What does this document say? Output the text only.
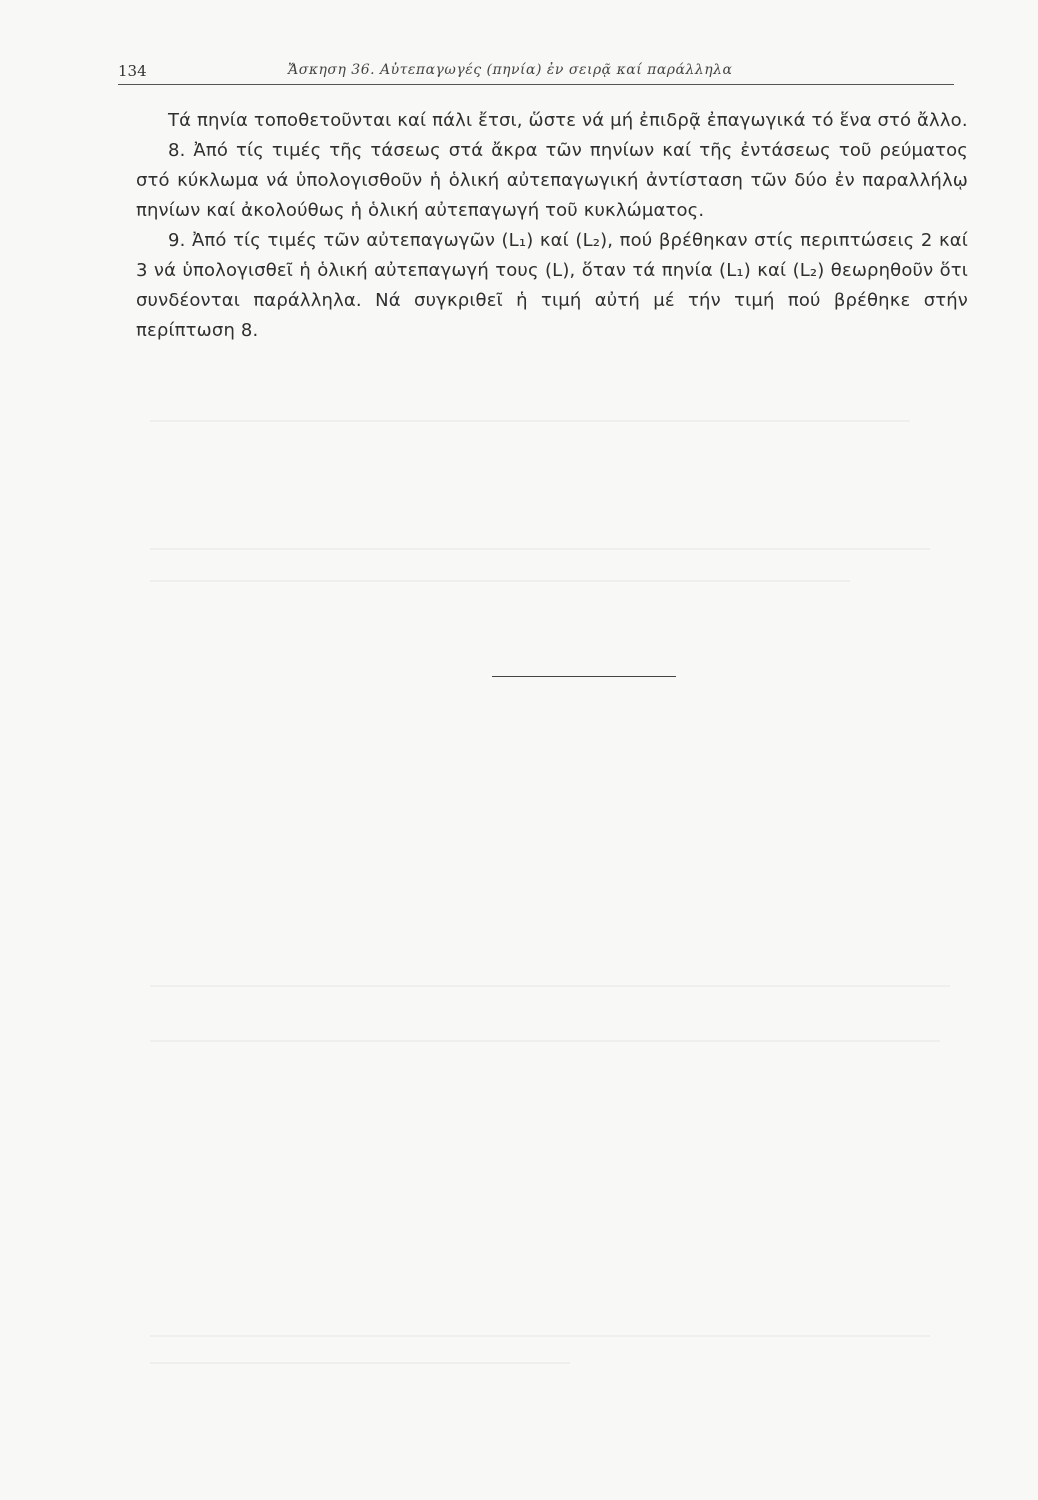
134	Ἄσκηση 36. Αὐτεπαγωγές (πηνία) ἐν σειρᾷ καί παράλληλα

Τά πηνία τοποθετοῦνται καί πάλι ἔτσι, ὥστε νά μή ἐπιδρᾷ ἐπαγωγικά τό ἕνα στό ἄλλο.

8. Ἀπό τίς τιμές τῆς τάσεως στά ἄκρα τῶν πηνίων καί τῆς ἐντάσεως τοῦ ρεύματος στό κύκλωμα νά ὑπολογισθοῦν ἡ ὁλική αὐτεπαγωγική ἀντίσταση τῶν δύο ἐν παραλλήλῳ πηνίων καί ἀκολούθως ἡ ὁλική αὐτεπαγωγή τοῦ κυκλώματος.

9. Ἀπό τίς τιμές τῶν αὐτεπαγωγῶν (L₁) καί (L₂), πού βρέθηκαν στίς περιπτώσεις 2 καί 3 νά ὑπολογισθεῖ ἡ ὁλική αὐτεπαγωγή τους (L), ὅταν τά πηνία (L₁) καί (L₂) θεωρηθοῦν ὅτι συνδέονται παράλληλα. Νά συγκριθεῖ ἡ τιμή αὐτή μέ τήν τιμή πού βρέθηκε στήν περίπτωση 8.
